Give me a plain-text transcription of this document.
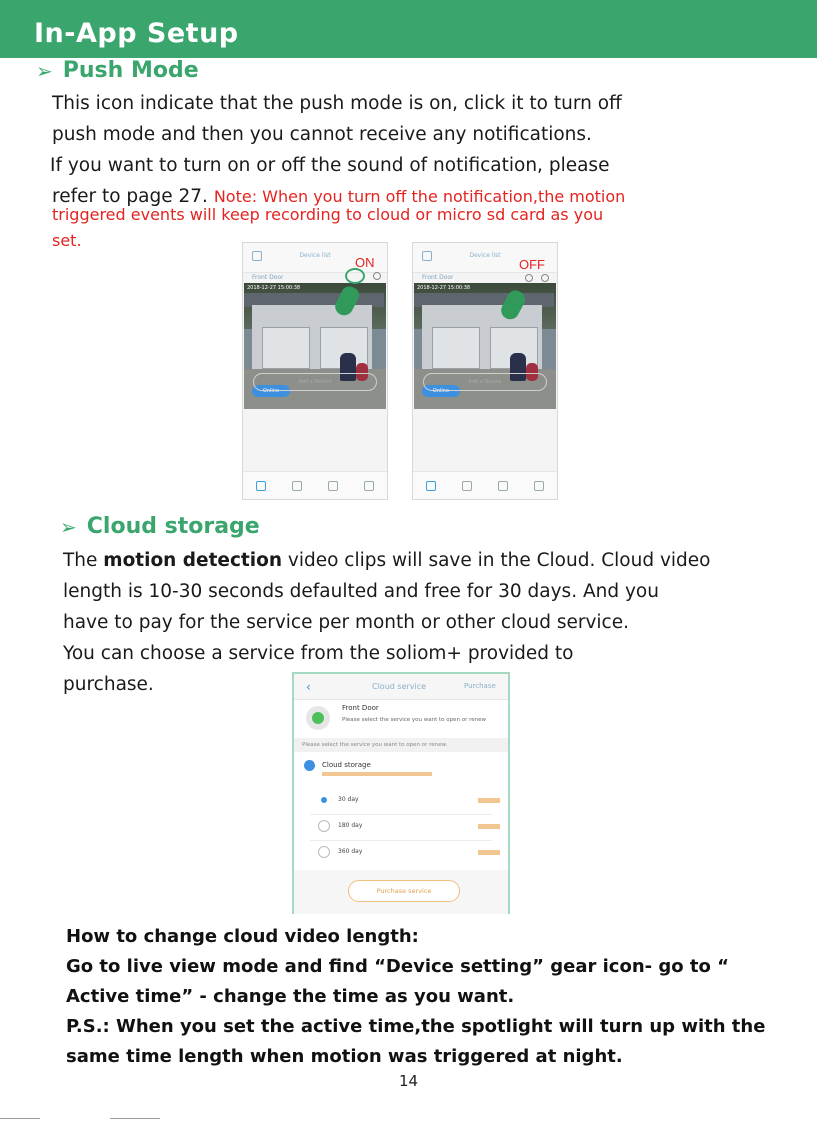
In-App Setup
➢ Push Mode
This icon indicate that the push mode is on, click it to turn off
push mode and then you cannot receive any notifications.
If you want to turn on or off the sound of notification, please
refer to page 27. Note: When you turn off the notification,the motion
triggered events will keep recording to cloud or micro sd card as you
set.
Device list
Front Door
2018-12-27 15:00:38
Online
Add a Device
ON	Device list
Front Door
2018-12-27 15:00:38
Online
Add a Device
OFF
➢ Cloud storage
The motion detection video clips will save in the Cloud. Cloud video
length is 10-30 seconds defaulted and free for 30 days. And you
have to pay for the service per month or other cloud service.
You can choose a service from the soliom+ provided to
purchase.	‹	Cloud service	Purchase
Front Door
Please select the service you want to open or renew
Please select the service you want to open or renew.
Cloud storage
30 day
180 day
360 day
Purchase service
How to change cloud video length:
Go to live view mode and find “Device setting” gear icon- go to “
Active time” - change the time as you want.
P.S.: When you set the active time,the spotlight will turn up with the
same time length when motion was triggered at night.
14
